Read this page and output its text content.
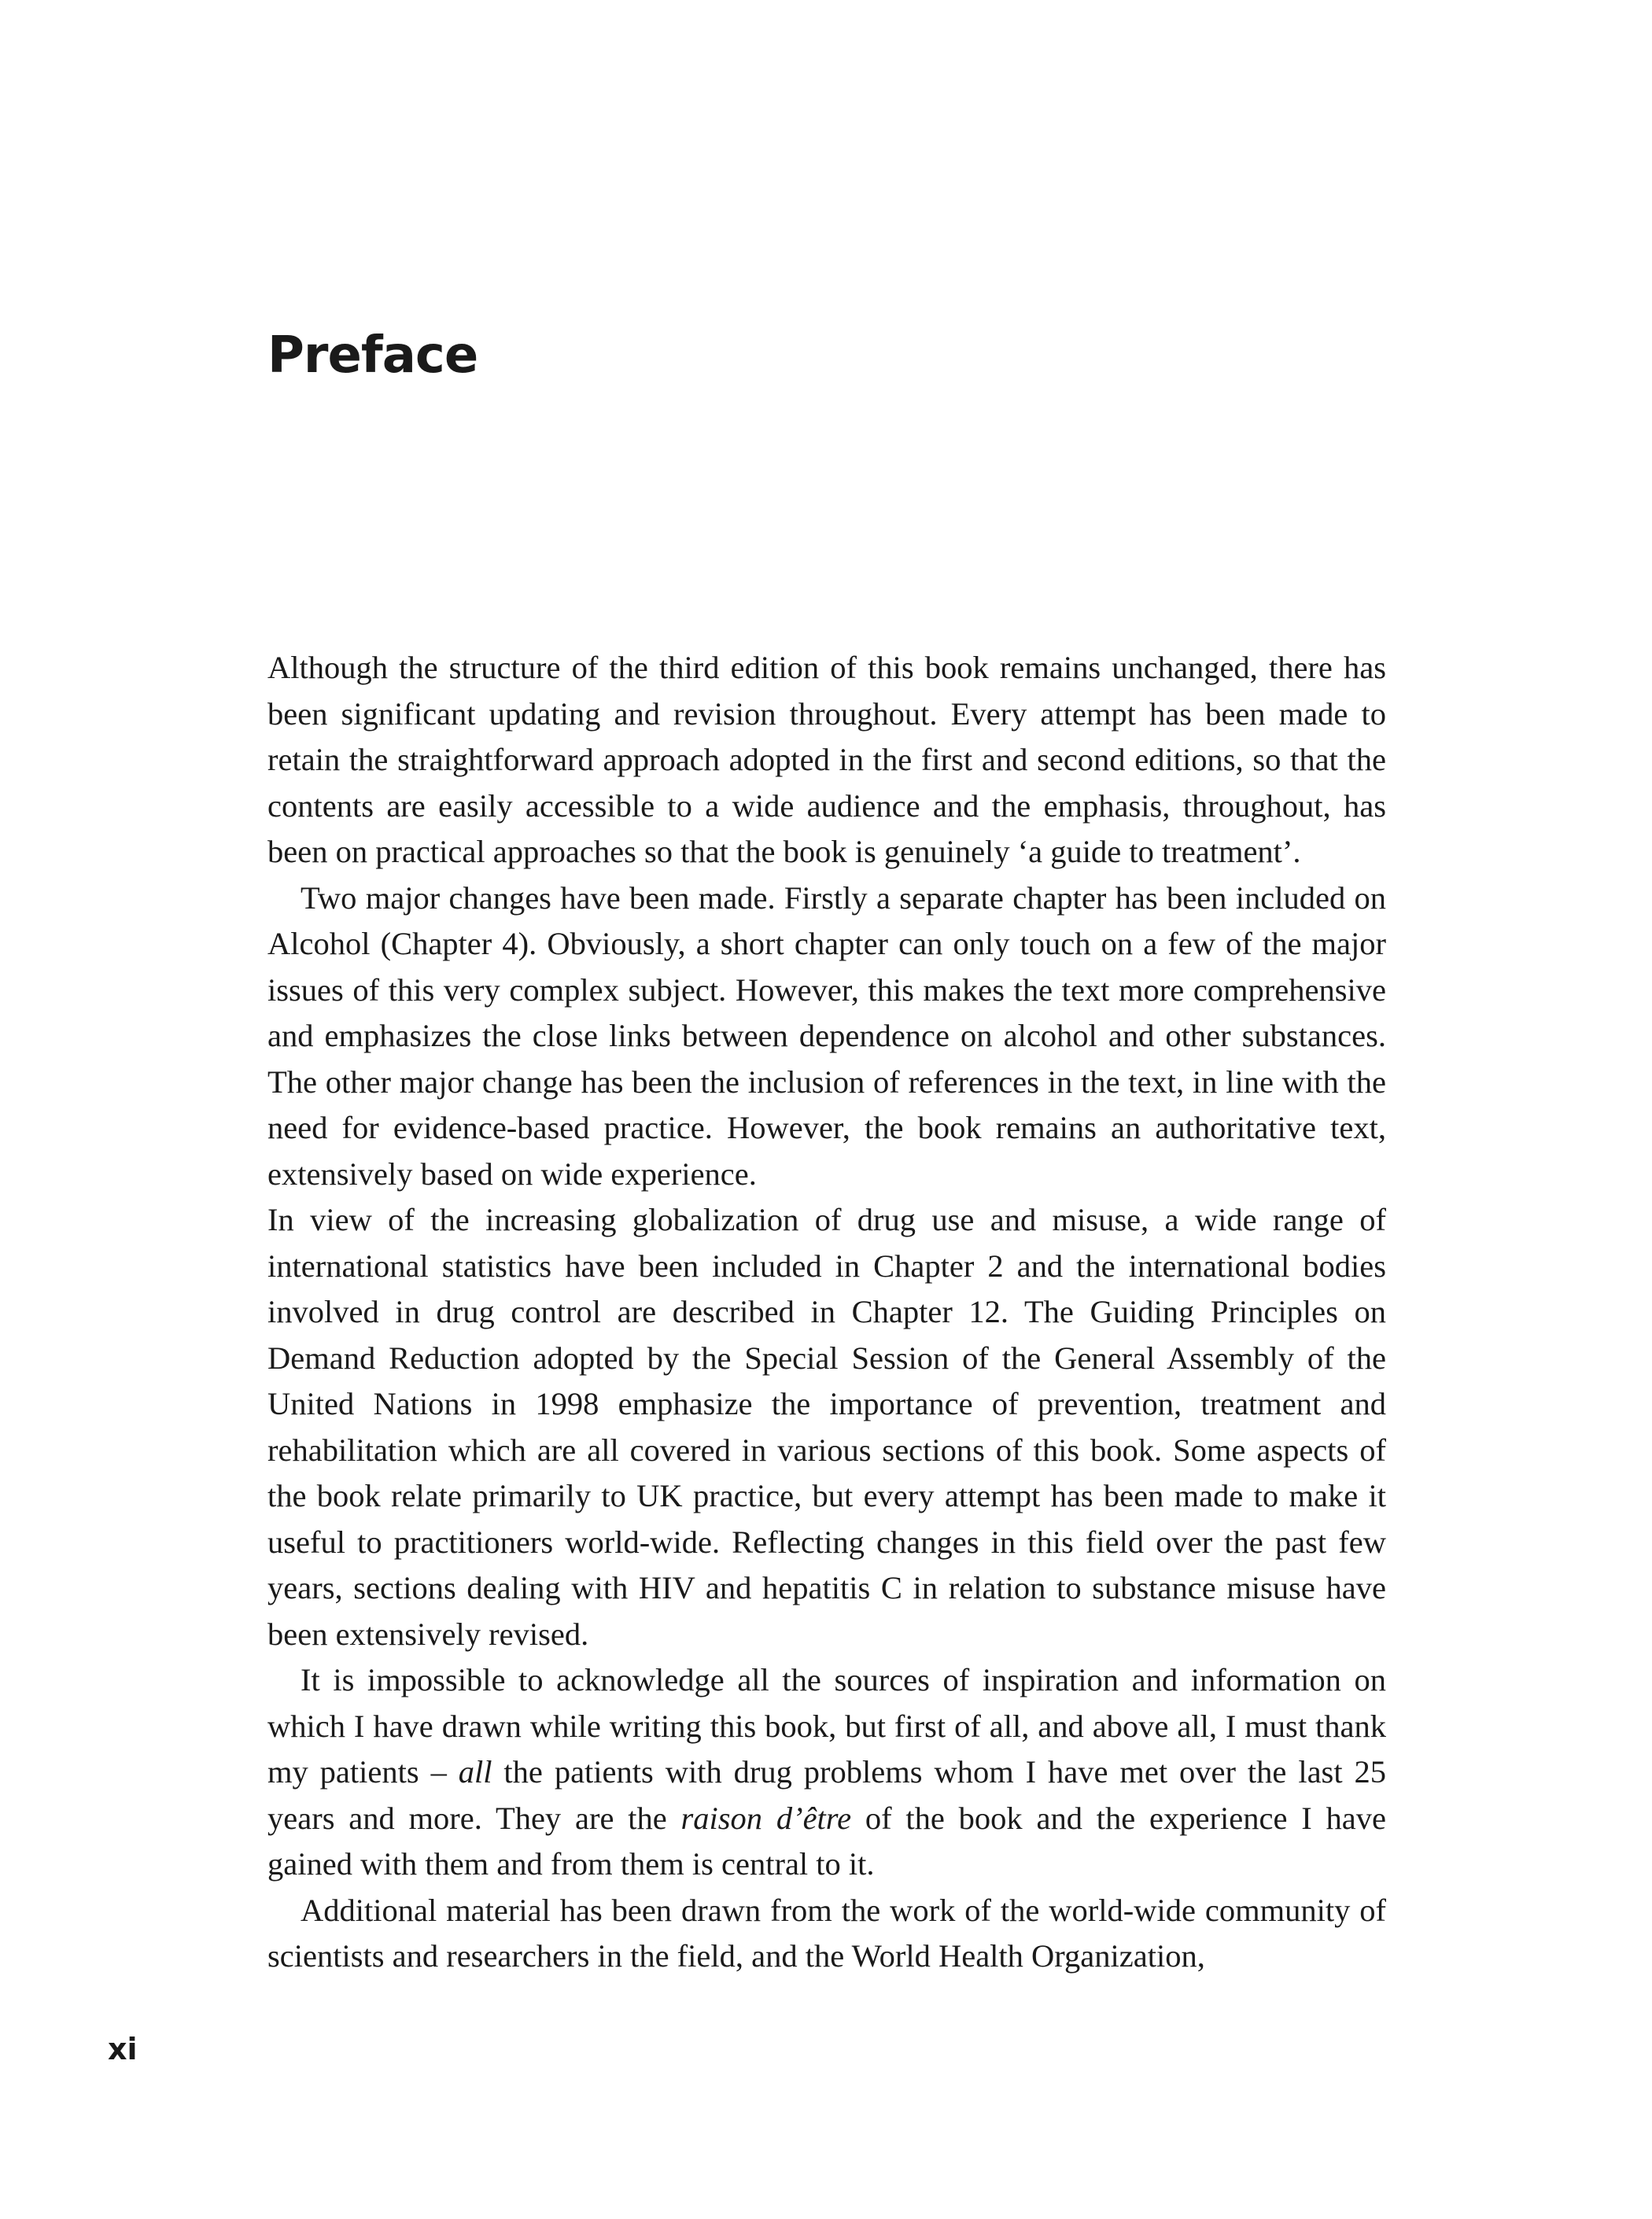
Preface

Although the structure of the third edition of this book remains unchanged, there has been significant updating and revision throughout. Every attempt has been made to retain the straightforward approach adopted in the first and second editions, so that the contents are easily accessible to a wide audience and the emphasis, throughout, has been on practical approaches so that the book is genuinely ‘a guide to treatment’.

Two major changes have been made. Firstly a separate chapter has been included on Alcohol (Chapter 4). Obviously, a short chapter can only touch on a few of the major issues of this very complex subject. However, this makes the text more comprehensive and emphasizes the close links between dependence on alcohol and other substances. The other major change has been the inclusion of references in the text, in line with the need for evidence-based practice. However, the book remains an authoritative text, extensively based on wide experience.

In view of the increasing globalization of drug use and misuse, a wide range of international statistics have been included in Chapter 2 and the international bodies involved in drug control are described in Chapter 12. The Guiding Principles on Demand Reduction adopted by the Special Session of the General Assembly of the United Nations in 1998 emphasize the importance of prevention, treatment and rehabilitation which are all covered in various sections of this book. Some aspects of the book relate primarily to UK practice, but every attempt has been made to make it useful to practitioners world-wide. Reflecting changes in this field over the past few years, sections dealing with HIV and hepatitis C in relation to substance misuse have been extensively revised.

It is impossible to acknowledge all the sources of inspiration and information on which I have drawn while writing this book, but first of all, and above all, I must thank my patients – all the patients with drug problems whom I have met over the last 25 years and more. They are the raison d’être of the book and the experience I have gained with them and from them is central to it.

Additional material has been drawn from the work of the world-wide community of scientists and researchers in the field, and the World Health Organization,

xi
